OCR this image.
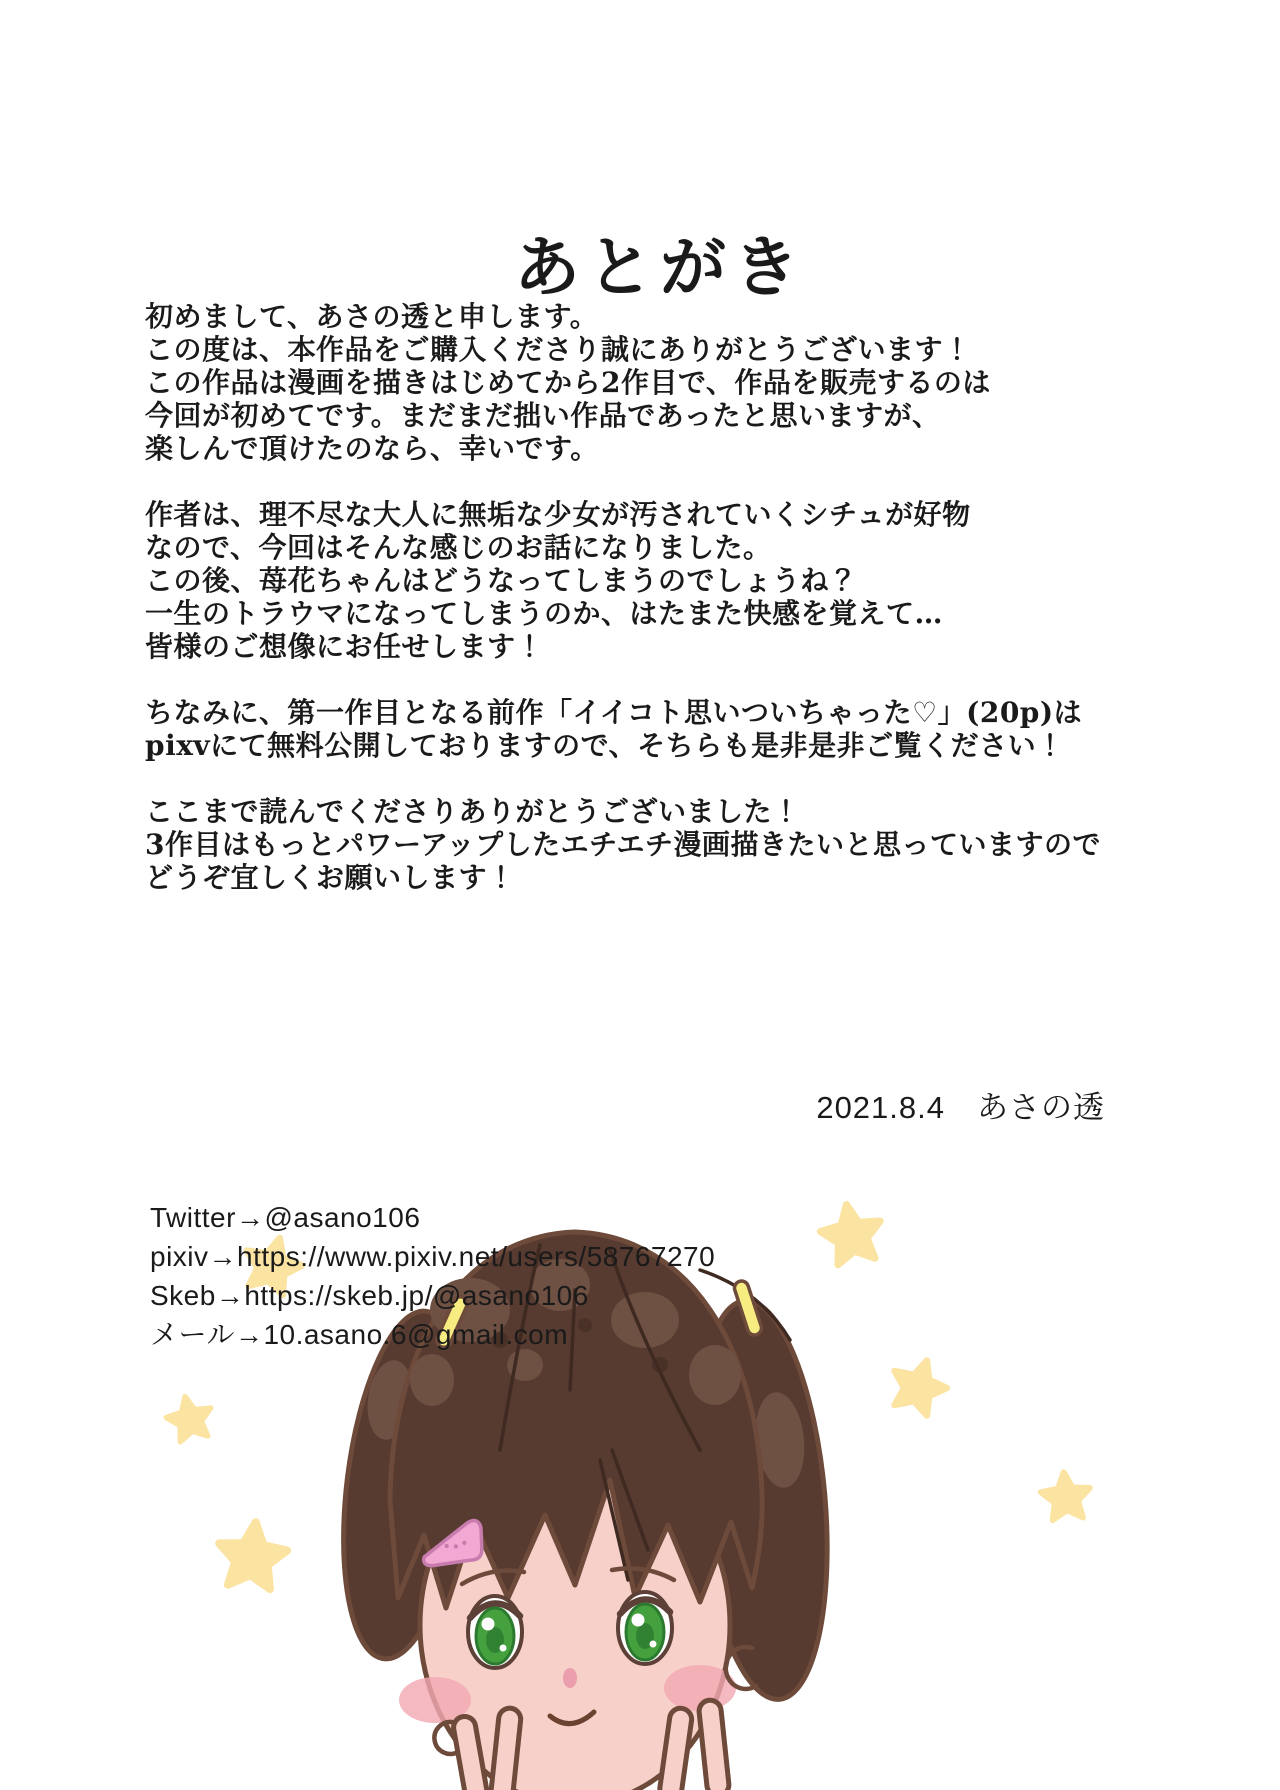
あとがき

初めまして、あさの透と申します。
この度は、本作品をご購入くださり誠にありがとうございます！
この作品は漫画を描きはじめてから2作目で、作品を販売するのは
今回が初めてです。まだまだ拙い作品であったと思いますが、
楽しんで頂けたのなら、幸いです。

作者は、理不尽な大人に無垢な少女が汚されていくシチュが好物
なので、今回はそんな感じのお話になりました。
この後、苺花ちゃんはどうなってしまうのでしょうね？
一生のトラウマになってしまうのか、はたまた快感を覚えて…
皆様のご想像にお任せします！

ちなみに、第一作目となる前作「イイコト思いついちゃった♡」(20p)は
pixvにて無料公開しておりますので、そちらも是非是非ご覧ください！

ここまで読んでくださりありがとうございました！
3作目はもっとパワーアップしたエチエチ漫画描きたいと思っていますので
どうぞ宜しくお願いします！

2021.8.4　あさの透
Twitter→@asano106
pixiv→https://www.pixiv.net/users/58767270
Skeb→https://skeb.jp/@asano106
メール→10.asano.6@gmail.com
